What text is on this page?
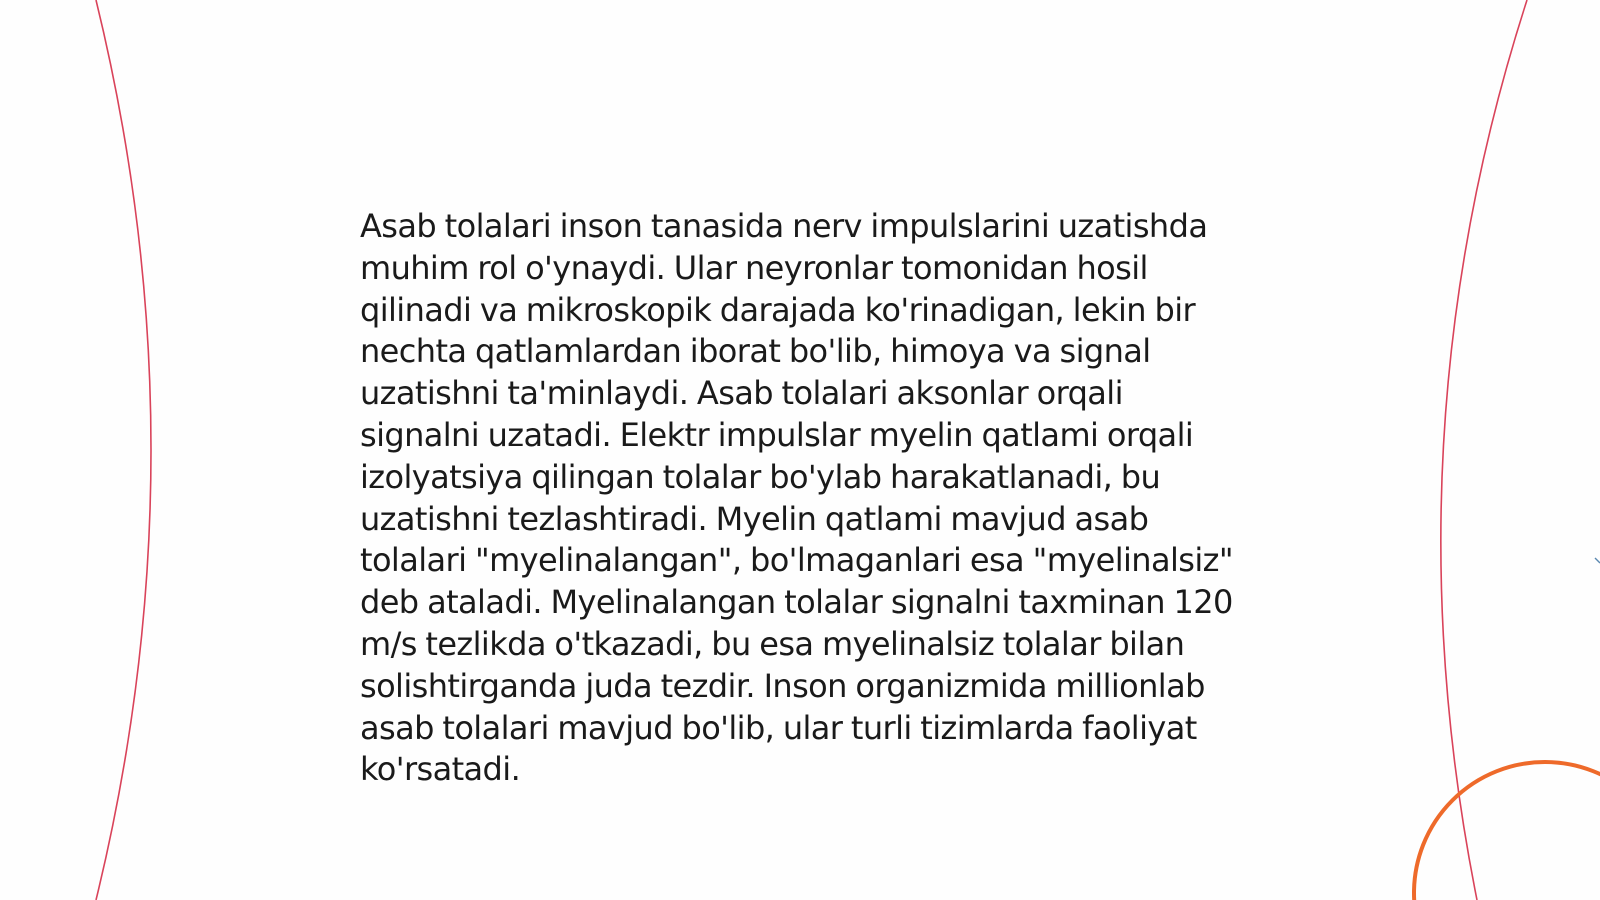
Asab tolalari inson tanasida nerv impulslarini uzatishda muhim rol o'ynaydi. Ular neyronlar tomonidan hosil qilinadi va mikroskopik darajada ko'rinadigan, lekin bir nechta qatlamlardan iborat bo'lib, himoya va signal uzatishni ta'minlaydi. Asab tolalari aksonlar orqali signalni uzatadi. Elektr impulslar myelin qatlami orqali izolyatsiya qilingan tolalar bo'ylab harakatlanadi, bu uzatishni tezlashtiradi. Myelin qatlami mavjud asab tolalari "myelinalangan", bo'lmaganlari esa "myelinalsiz" deb ataladi. Myelinalangan tolalar signalni taxminan 120 m/s tezlikda o'tkazadi, bu esa myelinalsiz tolalar bilan solishtirganda juda tezdir. Inson organizmida millionlab asab tolalari mavjud bo'lib, ular turli tizimlarda faoliyat ko'rsatadi.
